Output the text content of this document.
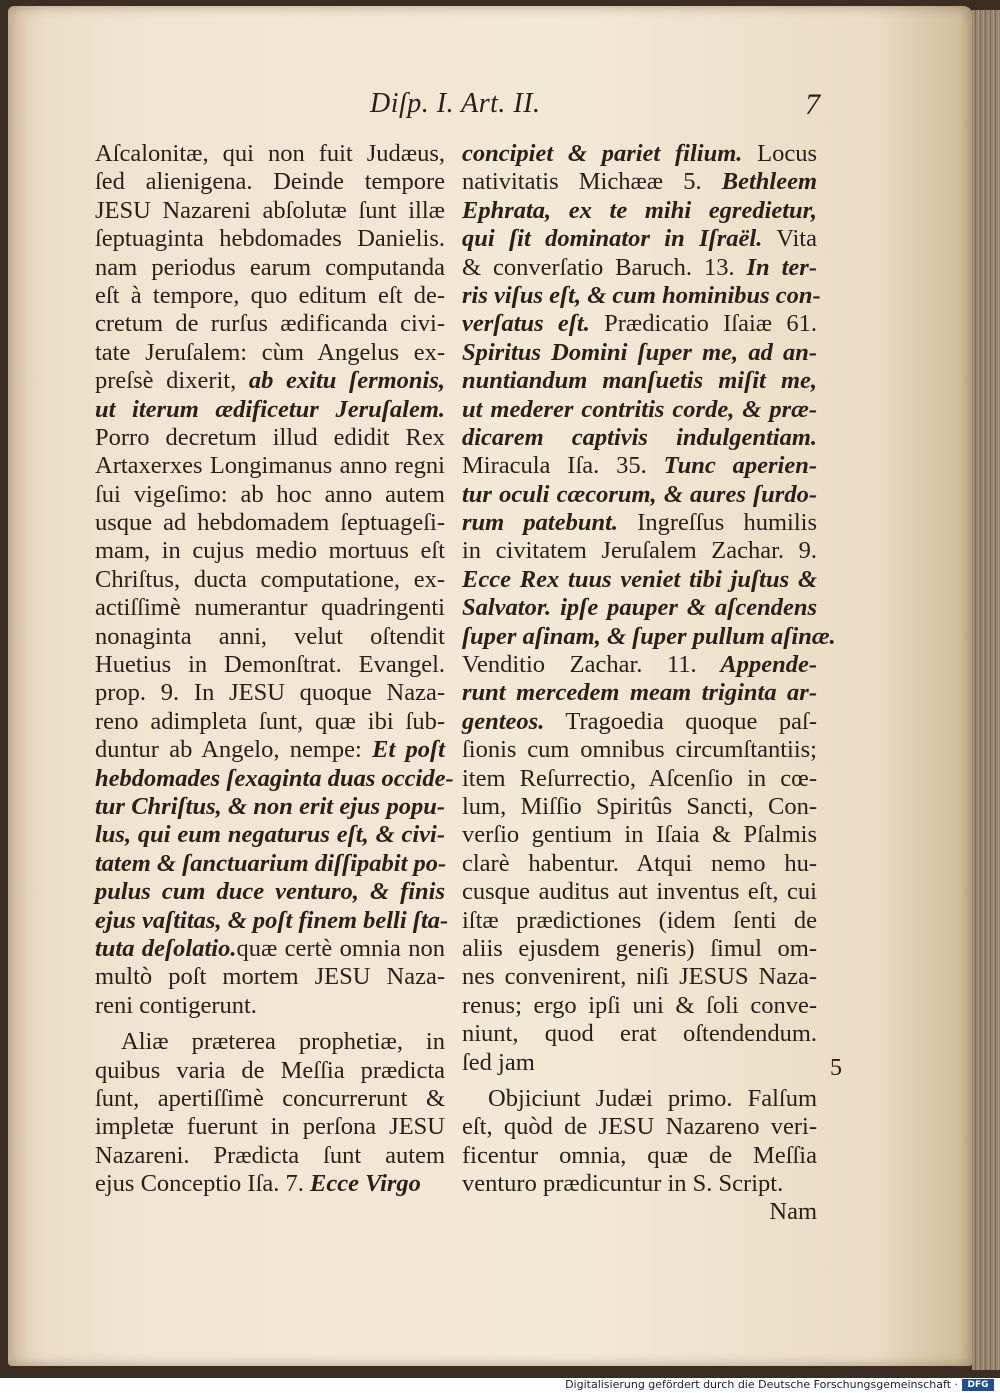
Diſp. I. Art. II.	7
Aſcalonitæ, qui non fuit Judæus,
ſed alienigena. Deinde tempore
JESU Nazareni abſolutæ ſunt illæ
ſeptuaginta hebdomades Danielis.
nam periodus earum computanda
eſt à tempore, quo editum eſt de-
cretum de rurſus ædificanda civi-
tate Jeruſalem: cùm Angelus ex-
preſsè dixerit, ab exitu ſermonis,
ut iterum ædificetur Jeruſalem.
Porro decretum illud edidit Rex
Artaxerxes Longimanus anno regni
ſui vigeſimo: ab hoc anno autem
usque ad hebdomadem ſeptuageſi-
mam, in cujus medio mortuus eſt
Chriſtus, ducta computatione, ex-
actiſſimè numerantur quadringenti
nonaginta anni, velut oſtendit
Huetius in Demonſtrat. Evangel.
prop. 9. In JESU quoque Naza-
reno adimpleta ſunt, quæ ibi ſub-
duntur ab Angelo, nempe: Et poſt
hebdomades ſexaginta duas occide-
tur Chriſtus, & non erit ejus popu-
lus, qui eum negaturus eſt, & civi-
tatem & ſanctuarium diſſipabit po-
pulus cum duce venturo, & finis
ejus vaſtitas, & poſt finem belli ſta-
tuta deſolatio.quæ certè omnia non
multò poſt mortem JESU Naza-
reni contigerunt.
Aliæ præterea prophetiæ, in
quibus varia de Meſſia prædicta
ſunt, apertiſſimè concurrerunt &
impletæ fuerunt in perſona JESU
Nazareni. Prædicta ſunt autem
ejus Conceptio Iſa. 7. Ecce Virgo
concipiet & pariet filium. Locus
nativitatis Michææ 5. Bethleem
Ephrata, ex te mihi egredietur,
qui ſit dominator in Iſraël. Vita
& converſatio Baruch. 13. In ter-
ris viſus eſt, & cum hominibus con-
verſatus eſt. Prædicatio Iſaiæ 61.
Spiritus Domini ſuper me, ad an-
nuntiandum manſuetis miſit me,
ut mederer contritis corde, & præ-
dicarem captivis indulgentiam.
Miracula Iſa. 35. Tunc aperien-
tur oculi cæcorum, & aures ſurdo-
rum patebunt. Ingreſſus humilis
in civitatem Jeruſalem Zachar. 9.
Ecce Rex tuus veniet tibi juſtus &
Salvator. ipſe pauper & aſcendens
ſuper aſinam, & ſuper pullum aſinæ.
Venditio Zachar. 11. Appende-
runt mercedem meam triginta ar-
genteos. Tragoedia quoque paſ-
ſionis cum omnibus circumſtantiis;
item Reſurrectio, Aſcenſio in cœ-
lum, Miſſio Spiritûs Sancti, Con-
verſio gentium in Iſaia & Pſalmis
clarè habentur. Atqui nemo hu-
cusque auditus aut inventus eſt, cui
iſtæ prædictiones (idem ſenti de
aliis ejusdem generis) ſimul om-
nes convenirent, niſi JESUS Naza-
renus; ergo ipſi uni & ſoli conve-
niunt, quod erat oſtendendum.
ſed jam
Objiciunt Judæi primo. Falſum
eſt, quòd de JESU Nazareno veri-
ficentur omnia, quæ de Meſſia
venturo prædicuntur in S. Script.
Nam
5
Digitalisierung gefördert durch die Deutsche Forschungsgemeinschaft ·	DFG
